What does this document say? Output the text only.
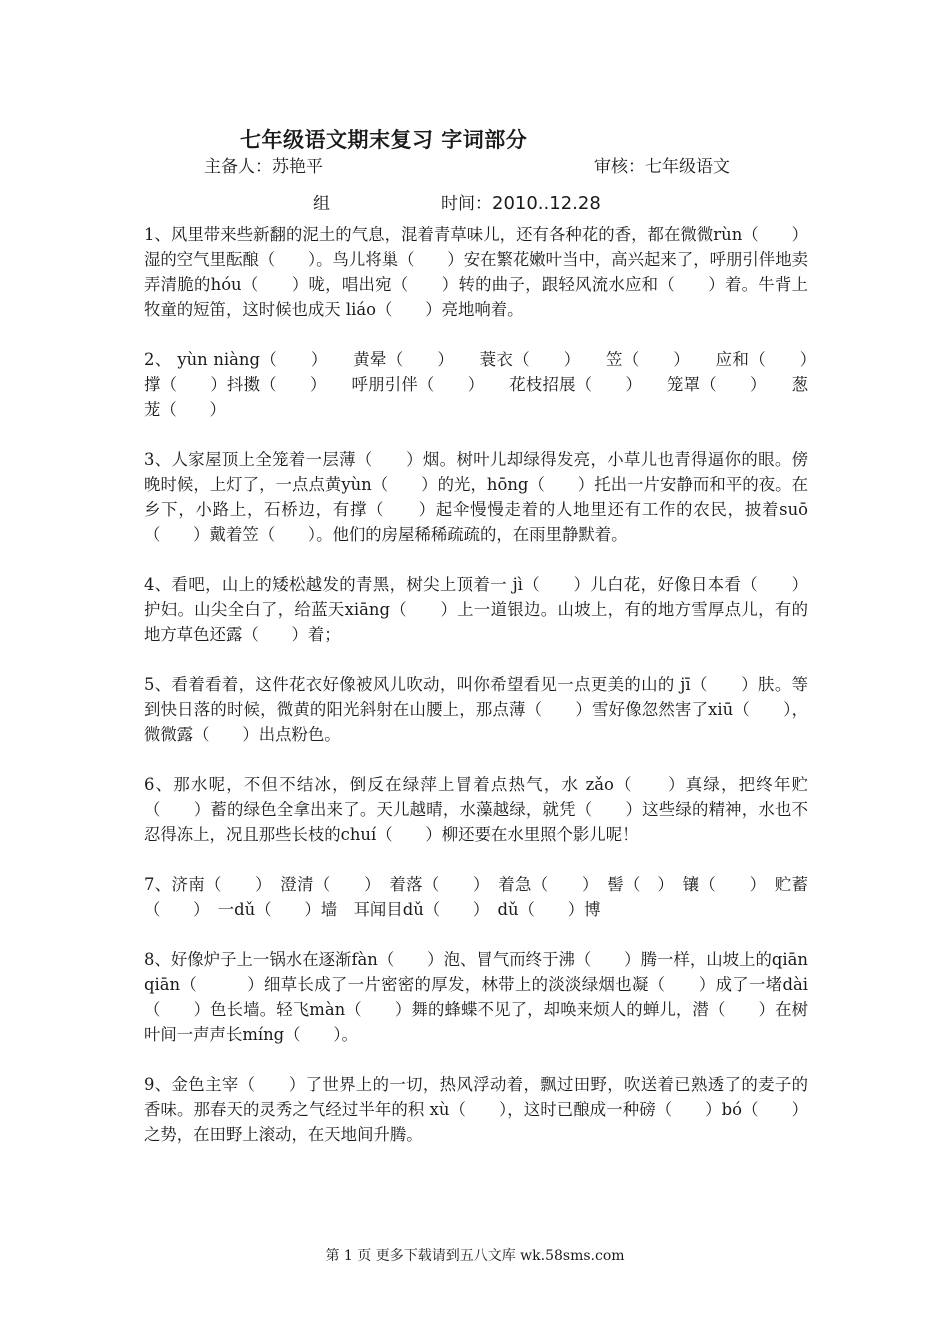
七年级语文期末复习 字词部分
主备人：苏艳平	审核：七年级语文
组	时间：2010..12.28

1、风里带来些新翻的泥土的气息，混着青草味儿，还有各种花的香，都在微微rùn（　　）湿的空气里酝酿（　　）。鸟儿将巢（　　）安在繁花嫩叶当中，高兴起来了，呼朋引伴地卖弄清脆的hóu（　　）咙，唱出宛（　　）转的曲子，跟轻风流水应和（　　）着。牛背上牧童的短笛，这时候也成天 liáo（　　）亮地响着。

2、 yùn niàng（　　）　　黄晕（　　）　　蓑衣（　　）　　笠（　　）　　应和（　　）　　撑（　　）抖擞（　　）　　呼朋引伴（　　）　　花枝招展（　　）　　笼罩（　　）　　葱茏（　　）

3、人家屋顶上全笼着一层薄（　　）烟。树叶儿却绿得发亮，小草儿也青得逼你的眼。傍晚时候，上灯了，一点点黄yùn（　　）的光，hōng（　　）托出一片安静而和平的夜。在乡下，小路上，石桥边，有撑（　　）起伞慢慢走着的人地里还有工作的农民，披着suō（　　）戴着笠（　　）。他们的房屋稀稀疏疏的，在雨里静默着。

4、看吧，山上的矮松越发的青黑，树尖上顶着一 jì（　　）儿白花，好像日本看（　　）护妇。山尖全白了，给蓝天xiāng（　　）上一道银边。山坡上，有的地方雪厚点儿，有的地方草色还露（　　）着；

5、看着看着，这件花衣好像被风儿吹动，叫你希望看见一点更美的山的 jī（　　）肤。等到快日落的时候，微黄的阳光斜射在山腰上，那点薄（　　）雪好像忽然害了xiū（　　），微微露（　　）出点粉色。

6、那水呢，不但不结冰，倒反在绿萍上冒着点热气，水 zǎo（　　）真绿，把终年贮（　　）蓄的绿色全拿出来了。天儿越晴，水藻越绿，就凭（　　）这些绿的精神，水也不忍得冻上，况且那些长枝的chuí（　　）柳还要在水里照个影儿呢！

7、济南（　　）　澄清（　　）　着落（　　）　着急（　　）　髻（　）　镶（　　）　贮蓄（　　）　一dǔ（　　）墙　耳闻目dǔ（　　）　dǔ（　　）博

8、好像炉子上一锅水在逐渐fàn（　　）泡、冒气而终于沸（　　）腾一样，山坡上的qiān qiān（　　　）细草长成了一片密密的厚发，林带上的淡淡绿烟也凝（　　）成了一堵dài（　　）色长墙。轻飞màn（　　）舞的蜂蝶不见了，却唤来烦人的蝉儿，潜（　　）在树叶间一声声长míng（　　）。

9、金色主宰（　　）了世界上的一切，热风浮动着，飘过田野，吹送着已熟透了的麦子的香味。那春天的灵秀之气经过半年的积 xù（　　），这时已酿成一种磅（　　）bó（　　）之势，在田野上滚动，在天地间升腾。

第 1 页 更多下载请到五八文库 wk.58sms.com
